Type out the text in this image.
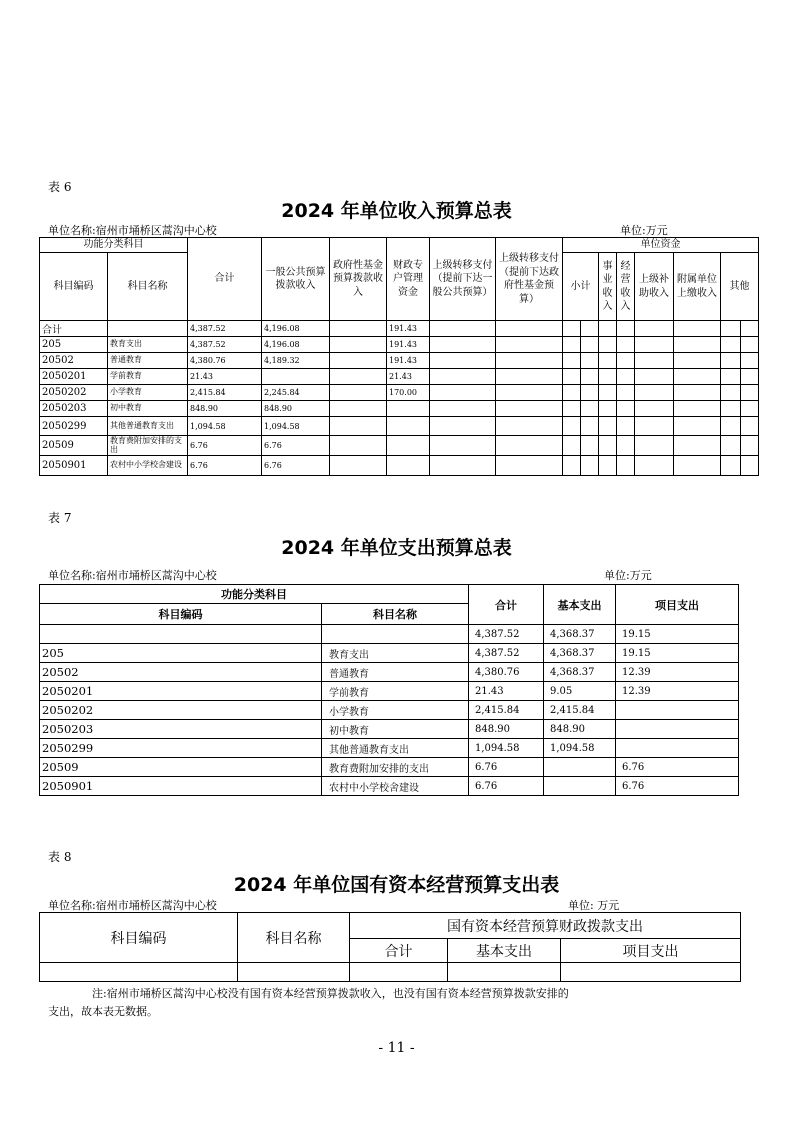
表 6
2024 年单位收入预算总表
单位名称:宿州市埇桥区蒿沟中心校	单位:万元
功能分类科目		合计	一般公共预算拨款收入	政府性基金预算拨款收入	财政专户管理资金	上级转移支付（提前下达一般公共预算）	上级转移支付（提前下达政府性基金预算）	单位资金							
科目编码	科目名称							小计		事业收入	经营收入	上级补助收入	附属单位上缴收入	其他	

合计		4,387.52	4,196.08		191.43										
205	教育支出	4,387.52	4,196.08		191.43										
20502	普通教育	4,380.76	4,189.32		191.43										
2050201	学前教育	21.43			21.43										
2050202	小学教育	2,415.84	2,245.84		170.00										
2050203	初中教育	848.90	848.90												
2050299	其他普通教育支出	1,094.58	1,094.58												
20509	教育费附加安排的支出	6.76	6.76												
2050901	农村中小学校舍建设	6.76	6.76												
表 7
2024 年单位支出预算总表
单位名称:宿州市埇桥区蒿沟中心校	单位:万元
功能分类科目		合计	基本支出	项目支出
科目编码	科目名称			
		4,387.52	4,368.37	19.15
205	教育支出	4,387.52	4,368.37	19.15
20502	普通教育	4,380.76	4,368.37	12.39
2050201	学前教育	21.43	9.05	12.39
2050202	小学教育	2,415.84	2,415.84	
2050203	初中教育	848.90	848.90	
2050299	其他普通教育支出	1,094.58	1,094.58	
20509	教育费附加安排的支出	6.76		6.76
2050901	农村中小学校舍建设	6.76		6.76
表 8
2024 年单位国有资本经营预算支出表
单位名称:宿州市埇桥区蒿沟中心校	单位: 万元
科目编码	科目名称	国有资本经营预算财政拨款支出		
		合计	基本支出	项目支出

注:宿州市埇桥区蒿沟中心校没有国有资本经营预算拨款收入，也没有国有资本经营预算拨款安排的
支出，故本表无数据。
- 11 -
